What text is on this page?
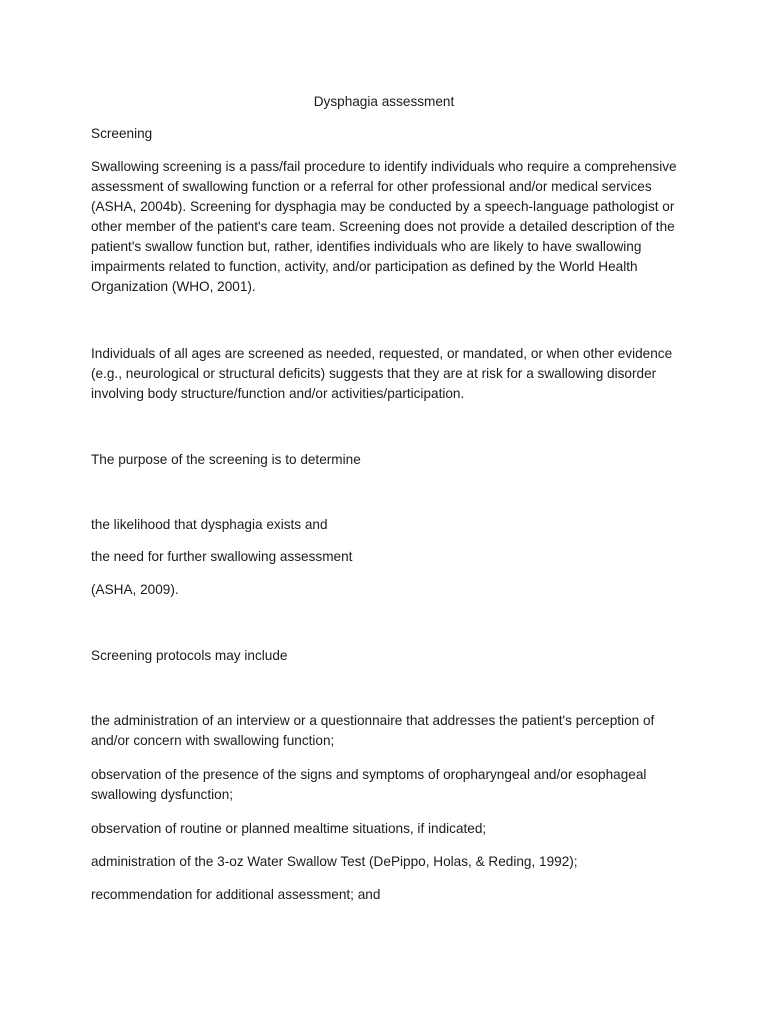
Dysphagia assessment

Screening

Swallowing screening is a pass/fail procedure to identify individuals who require a comprehensive assessment of swallowing function or a referral for other professional and/or medical services (ASHA, 2004b). Screening for dysphagia may be conducted by a speech-language pathologist or other member of the patient's care team. Screening does not provide a detailed description of the patient's swallow function but, rather, identifies individuals who are likely to have swallowing impairments related to function, activity, and/or participation as defined by the World Health Organization (WHO, 2001).

Individuals of all ages are screened as needed, requested, or mandated, or when other evidence (e.g., neurological or structural deficits) suggests that they are at risk for a swallowing disorder involving body structure/function and/or activities/participation.

The purpose of the screening is to determine

the likelihood that dysphagia exists and

the need for further swallowing assessment

(ASHA, 2009).

Screening protocols may include

the administration of an interview or a questionnaire that addresses the patient's perception of and/or concern with swallowing function;

observation of the presence of the signs and symptoms of oropharyngeal and/or esophageal swallowing dysfunction;

observation of routine or planned mealtime situations, if indicated;

administration of the 3-oz Water Swallow Test (DePippo, Holas, & Reding, 1992);

recommendation for additional assessment; and
